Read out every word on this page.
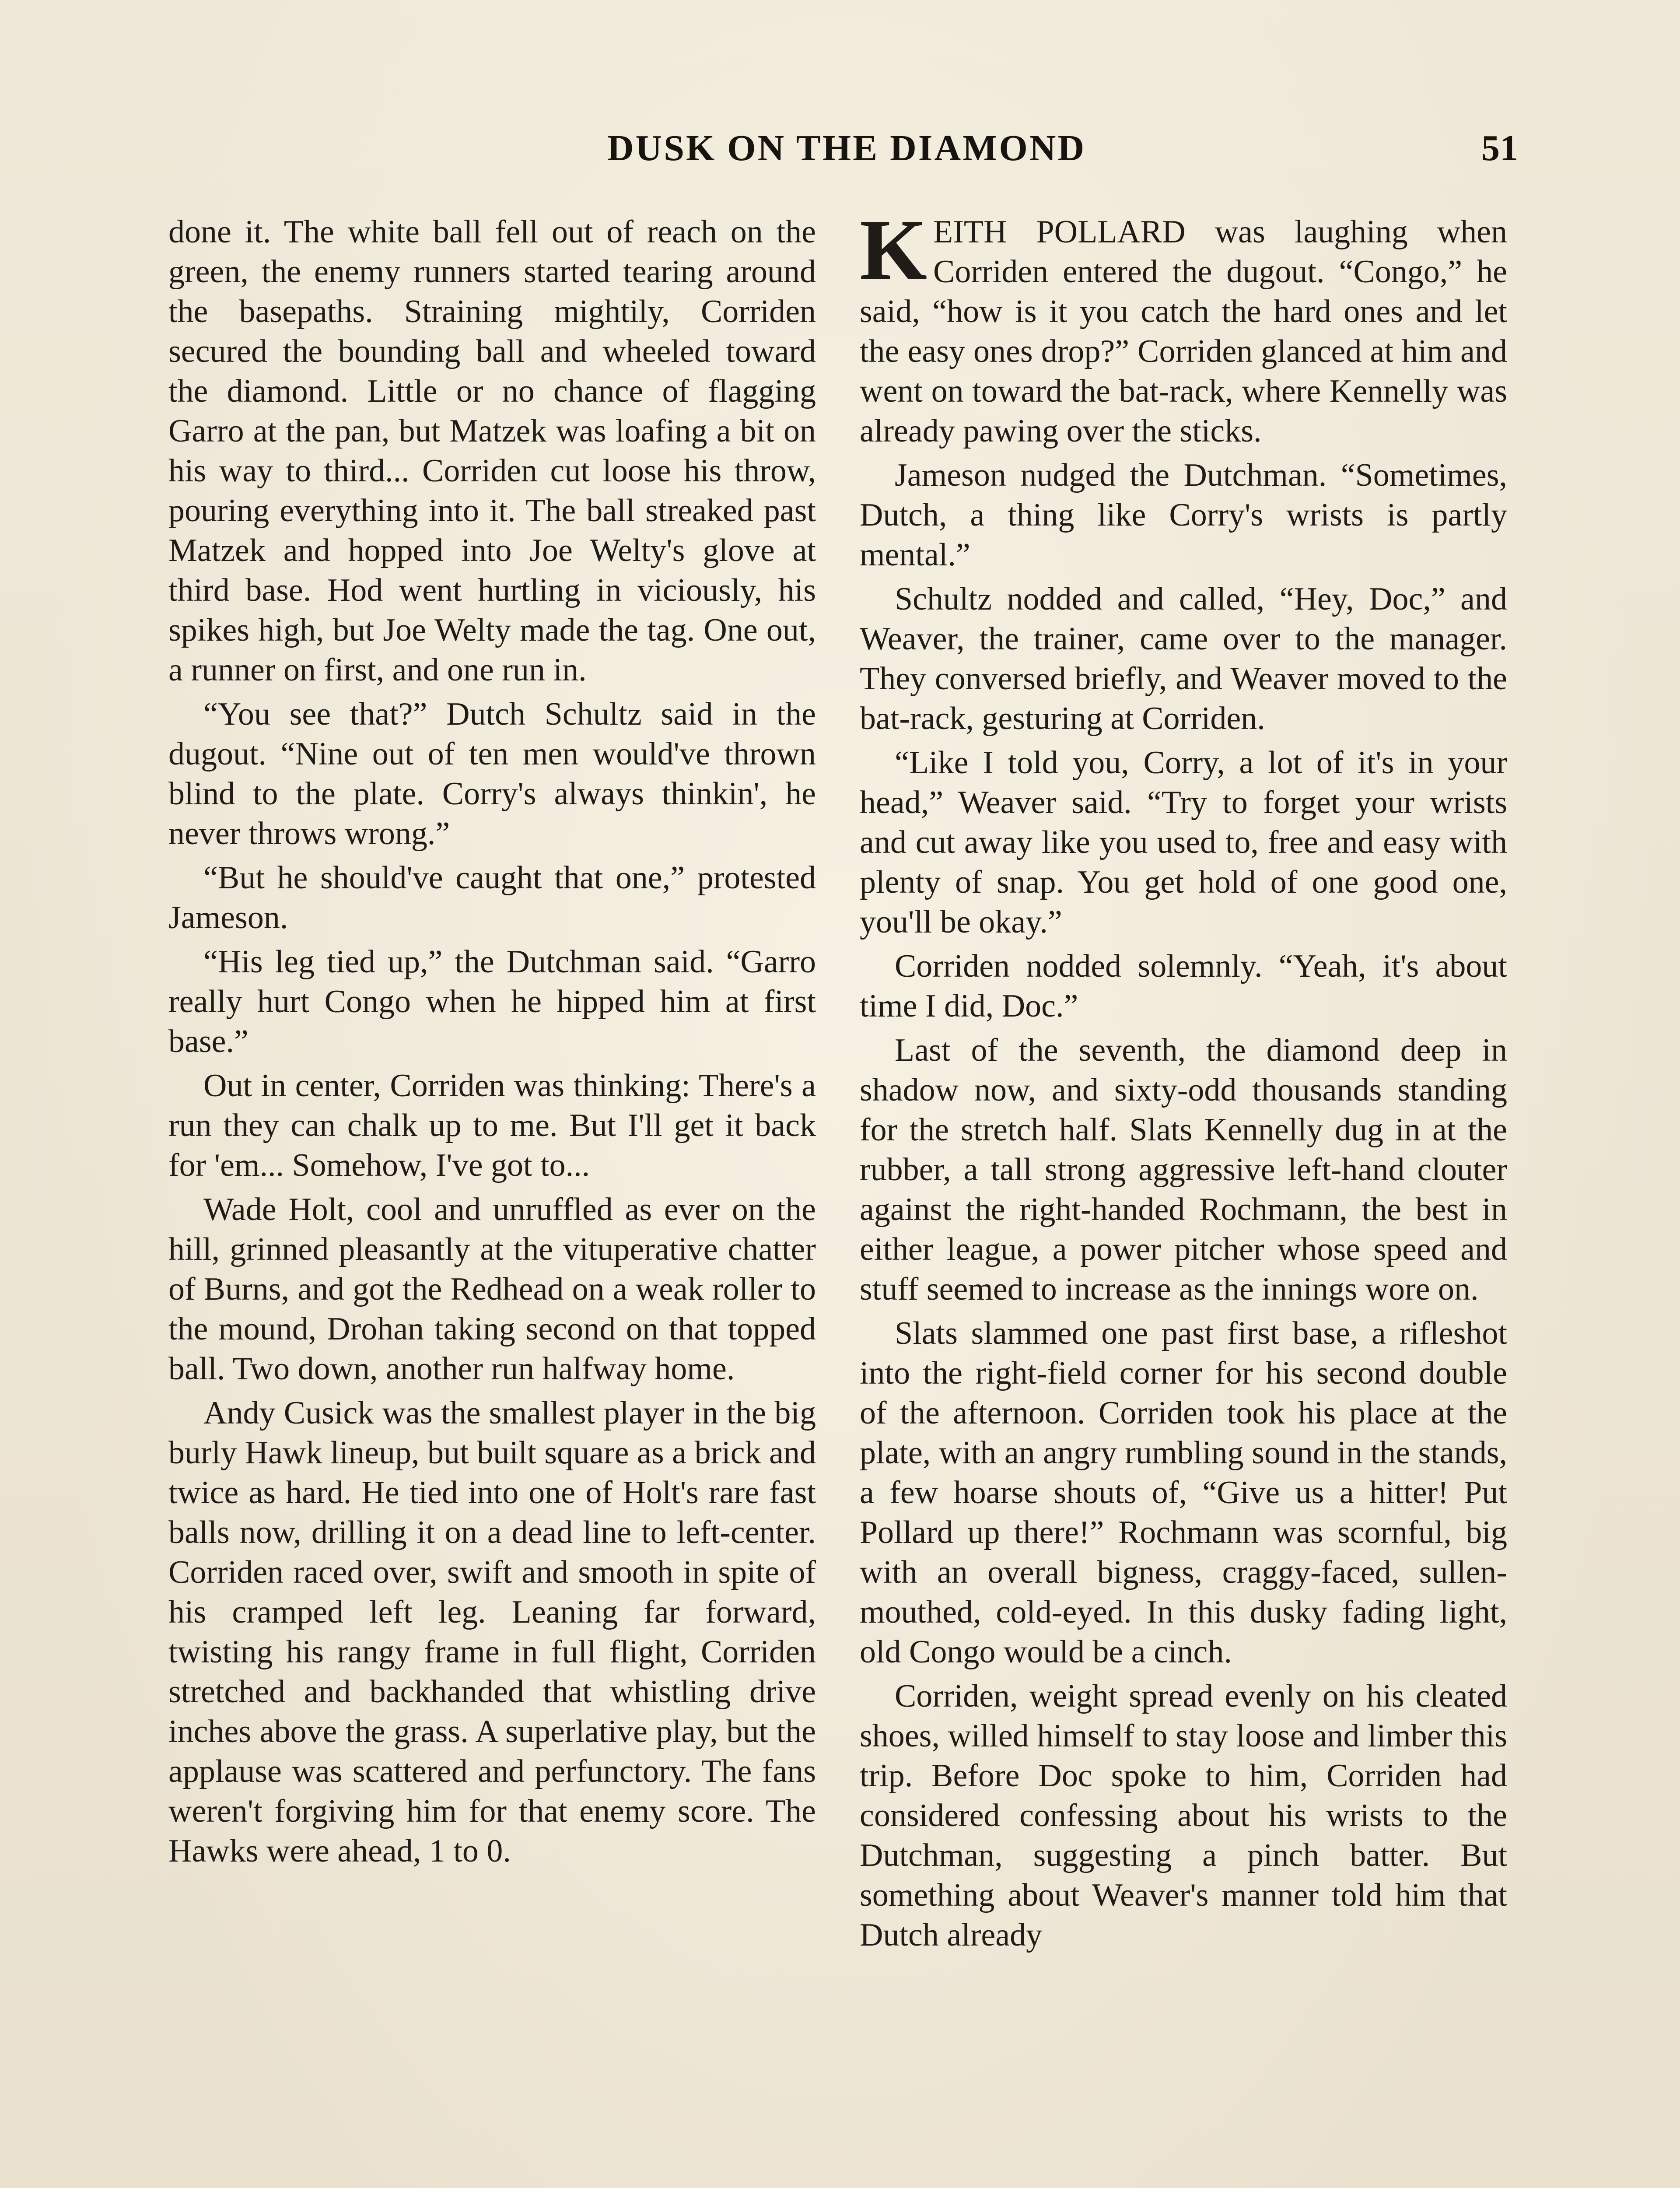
DUSK ON THE DIAMOND	51

done it. The white ball fell out of reach on the green, the enemy runners started tearing around the basepaths. Straining mightily, Corriden secured the bounding ball and wheeled toward the diamond. Little or no chance of flagging Garro at the pan, but Matzek was loafing a bit on his way to third... Corriden cut loose his throw, pouring everything into it. The ball streaked past Matzek and hopped into Joe Welty's glove at third base. Hod went hurtling in viciously, his spikes high, but Joe Welty made the tag. One out, a runner on first, and one run in.

“You see that?” Dutch Schultz said in the dugout. “Nine out of ten men would've thrown blind to the plate. Corry's always thinkin', he never throws wrong.”

“But he should've caught that one,” protested Jameson.

“His leg tied up,” the Dutchman said. “Garro really hurt Congo when he hipped him at first base.”

Out in center, Corriden was thinking: There's a run they can chalk up to me. But I'll get it back for 'em... Somehow, I've got to...

Wade Holt, cool and unruffled as ever on the hill, grinned pleasantly at the vituperative chatter of Burns, and got the Redhead on a weak roller to the mound, Drohan taking second on that topped ball. Two down, another run halfway home.

Andy Cusick was the smallest player in the big burly Hawk lineup, but built square as a brick and twice as hard. He tied into one of Holt's rare fast balls now, drilling it on a dead line to left-center. Corriden raced over, swift and smooth in spite of his cramped left leg. Leaning far forward, twisting his rangy frame in full flight, Corriden stretched and backhanded that whistling drive inches above the grass. A superlative play, but the applause was scattered and perfunctory. The fans weren't forgiving him for that enemy score. The Hawks were ahead, 1 to 0.

KEITH POLLARD was laughing when Corriden entered the dugout. “Congo,” he said, “how is it you catch the hard ones and let the easy ones drop?” Corriden glanced at him and went on toward the bat-rack, where Kennelly was already pawing over the sticks.

Jameson nudged the Dutchman. “Sometimes, Dutch, a thing like Corry's wrists is partly mental.”

Schultz nodded and called, “Hey, Doc,” and Weaver, the trainer, came over to the manager. They conversed briefly, and Weaver moved to the bat-rack, gesturing at Corriden.

“Like I told you, Corry, a lot of it's in your head,” Weaver said. “Try to forget your wrists and cut away like you used to, free and easy with plenty of snap. You get hold of one good one, you'll be okay.”

Corriden nodded solemnly. “Yeah, it's about time I did, Doc.”

Last of the seventh, the diamond deep in shadow now, and sixty-odd thousands standing for the stretch half. Slats Kennelly dug in at the rubber, a tall strong aggressive left-hand clouter against the right-handed Rochmann, the best in either league, a power pitcher whose speed and stuff seemed to increase as the innings wore on.

Slats slammed one past first base, a rifleshot into the right-field corner for his second double of the afternoon. Corriden took his place at the plate, with an angry rumbling sound in the stands, a few hoarse shouts of, “Give us a hitter! Put Pollard up there!” Rochmann was scornful, big with an overall bigness, craggy-faced, sullen-mouthed, cold-eyed. In this dusky fading light, old Congo would be a cinch.

Corriden, weight spread evenly on his cleated shoes, willed himself to stay loose and limber this trip. Before Doc spoke to him, Corriden had considered confessing about his wrists to the Dutchman, suggesting a pinch batter. But something about Weaver's manner told him that Dutch already
